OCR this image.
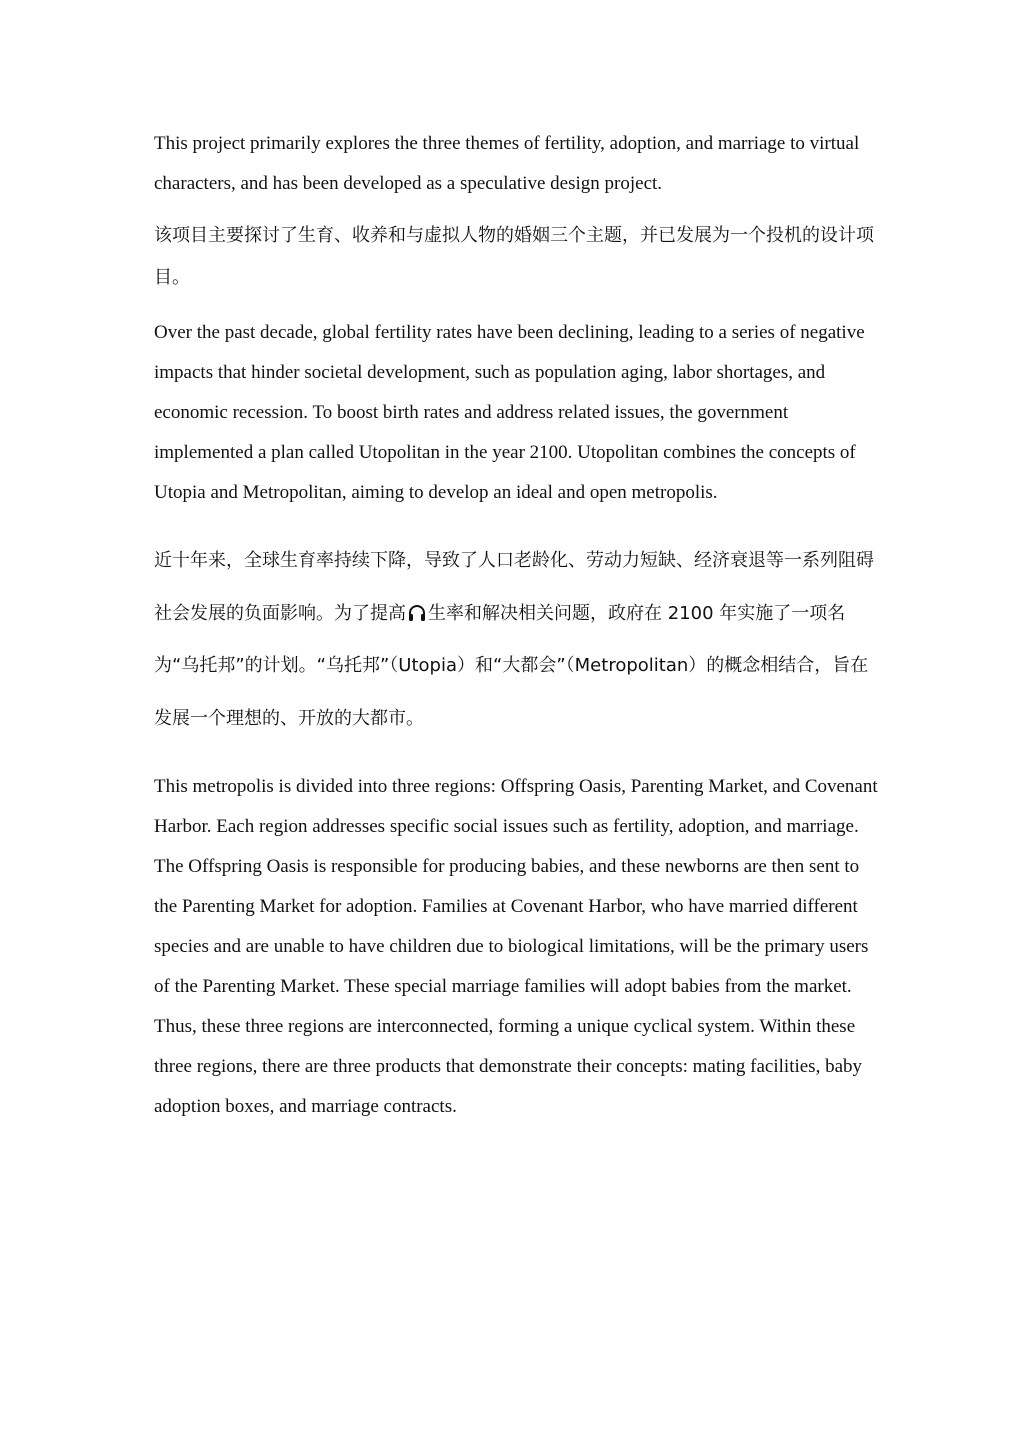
This project primarily explores the three themes of fertility, adoption, and marriage to virtual characters, and has been developed as a speculative design project.

该项目主要探讨了生育、收养和与虚拟人物的婚姻三个主题，并已发展为一个投机的设计项目。

Over the past decade, global fertility rates have been declining, leading to a series of negative impacts that hinder societal development, such as population aging, labor shortages, and economic recession. To boost birth rates and address related issues, the government implemented a plan called Utopolitan in the year 2100. Utopolitan combines the concepts of Utopia and Metropolitan, aiming to develop an ideal and open metropolis.

近十年来，全球生育率持续下降，导致了人口老龄化、劳动力短缺、经济衰退等一系列阻碍社会发展的负面影响。为了提高 生率和解决相关问题，政府在 2100 年实施了一项名为“乌托邦”的计划。“乌托邦”（Utopia）和“大都会”（Metropolitan）的概念相结合，旨在发展一个理想的、开放的大都市。

This metropolis is divided into three regions: Offspring Oasis, Parenting Market, and Covenant Harbor. Each region addresses specific social issues such as fertility, adoption, and marriage. The Offspring Oasis is responsible for producing babies, and these newborns are then sent to the Parenting Market for adoption. Families at Covenant Harbor, who have married different species and are unable to have children due to biological limitations, will be the primary users of the Parenting Market. These special marriage families will adopt babies from the market. Thus, these three regions are interconnected, forming a unique cyclical system. Within these three regions, there are three products that demonstrate their concepts: mating facilities, baby adoption boxes, and marriage contracts.
